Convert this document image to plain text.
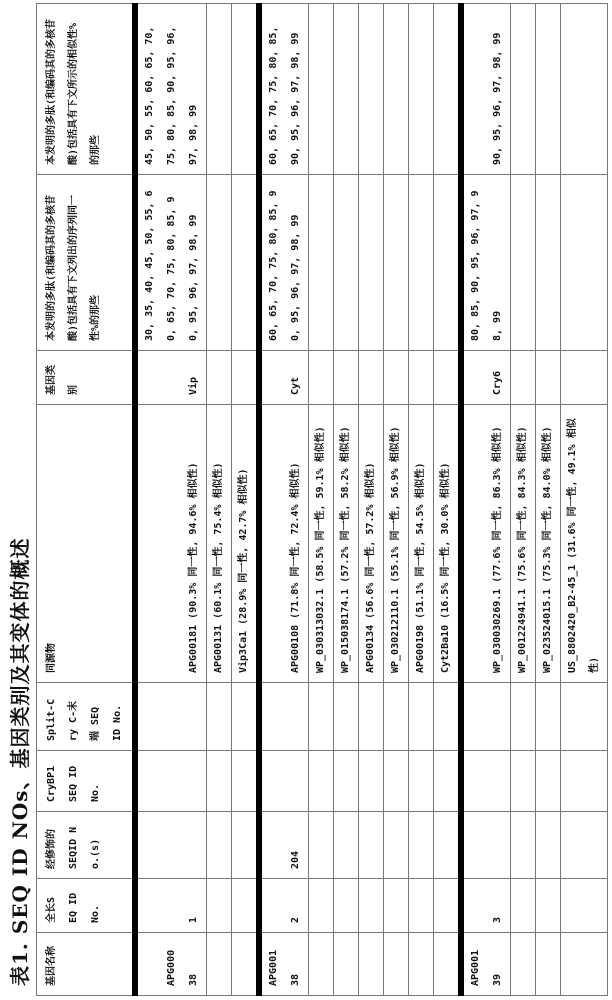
表1. SEQ ID NOs、基因类别及其变体的概述 基因名称	全长SEQ ID No.	经修饰的SEQID No.(s)	CryBP1 SEQ ID No.	Split-Cry C-末端 SEQ ID No.	同源物	基因类别	本发明的多肽(和编码其的多核苷酸)包括具有下文列出的序列同一性%的那些	本发明的多肽(和编码其的多核苷酸)包括具有下文所示的相似性%的那些
APG00038	1				APG00181 (90.3% 同一性, 94.6% 相似性)	Vip	30, 35, 40, 45, 50, 55, 60, 65, 70, 75, 80, 85, 90, 95, 96, 97, 98, 99	45, 50, 55, 60, 65, 70, 75, 80, 85, 90, 95, 96, 97, 98, 99
					APG00131 (60.1% 同一性, 75.4% 相似性)								Vip3Ca1 (28.9% 同一性, 42.7% 相似性)			
APG00138	2	204			APG00108 (71.8% 同一性, 72.4% 相似性)	Cyt	60, 65, 70, 75, 80, 85, 90, 95, 96, 97, 98, 99	60, 65, 70, 75, 80, 85, 90, 95, 96, 97, 98, 99
					WP_030313032.1 (58.5% 同一性, 59.1% 相似性)								WP_015038174.1 (57.2% 同一性, 58.2% 相似性)								APG00134 (56.6% 同一性, 57.2% 相似性)								WP_030212110.1 (55.1% 同一性, 56.9% 相似性)								APG00198 (51.1% 同一性, 54.5% 相似性)								Cyt2Ba10 (16.5% 同一性, 30.0% 相似性)			
APG00139	3				WP_030030269.1 (77.6% 同一性, 86.3% 相似性)	Cry6	80, 85, 90, 95, 96, 97, 98, 99	90, 95, 96, 97, 98, 99
					WP_001224941.1 (75.6% 同一性, 84.3% 相似性)								WP_023524015.1 (75.3% 同一性, 84.0% 相似性)								US_8802420_B2-45_1 (31.6% 同一性, 49.1% 相似性)			
